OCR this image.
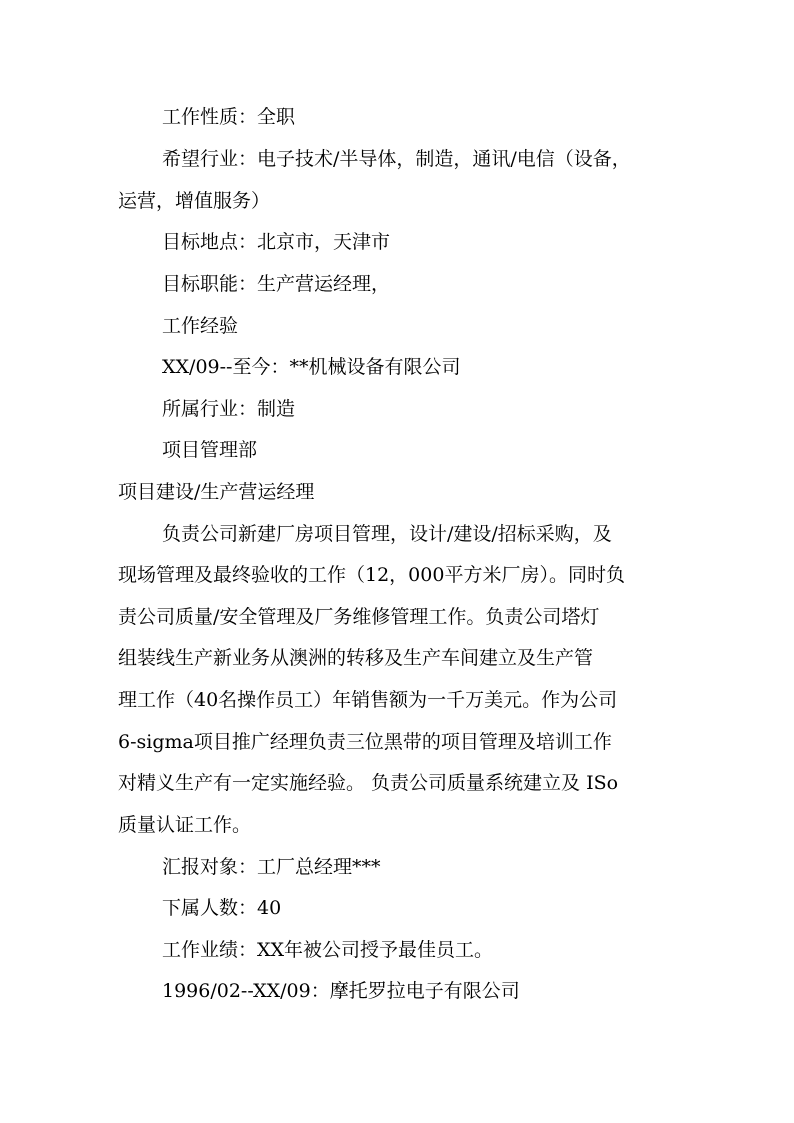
工作性质：全职
希望行业：电子技术/半导体，制造，通讯/电信（设备，
运营，增值服务）
目标地点：北京市，天津市
目标职能：生产营运经理，
工作经验
XX/09--至今：**机械设备有限公司
所属行业：制造
项目管理部
项目建设/生产营运经理
负责公司新建厂房项目管理，设计/建设/招标采购，及
现场管理及最终验收的工作（12，000平方米厂房）。同时负
责公司质量/安全管理及厂务维修管理工作。负责公司塔灯
组装线生产新业务从澳洲的转移及生产车间建立及生产管
理工作（40名操作员工）年销售额为一千万美元。作为公司
6-sigma项目推广经理负责三位黑带的项目管理及培训工作
对精义生产有一定实施经验。 负责公司质量系统建立及 ISo
质量认证工作。
汇报对象：工厂总经理***
下属人数：40
工作业绩：XX年被公司授予最佳员工。
1996/02--XX/09：摩托罗拉电子有限公司
